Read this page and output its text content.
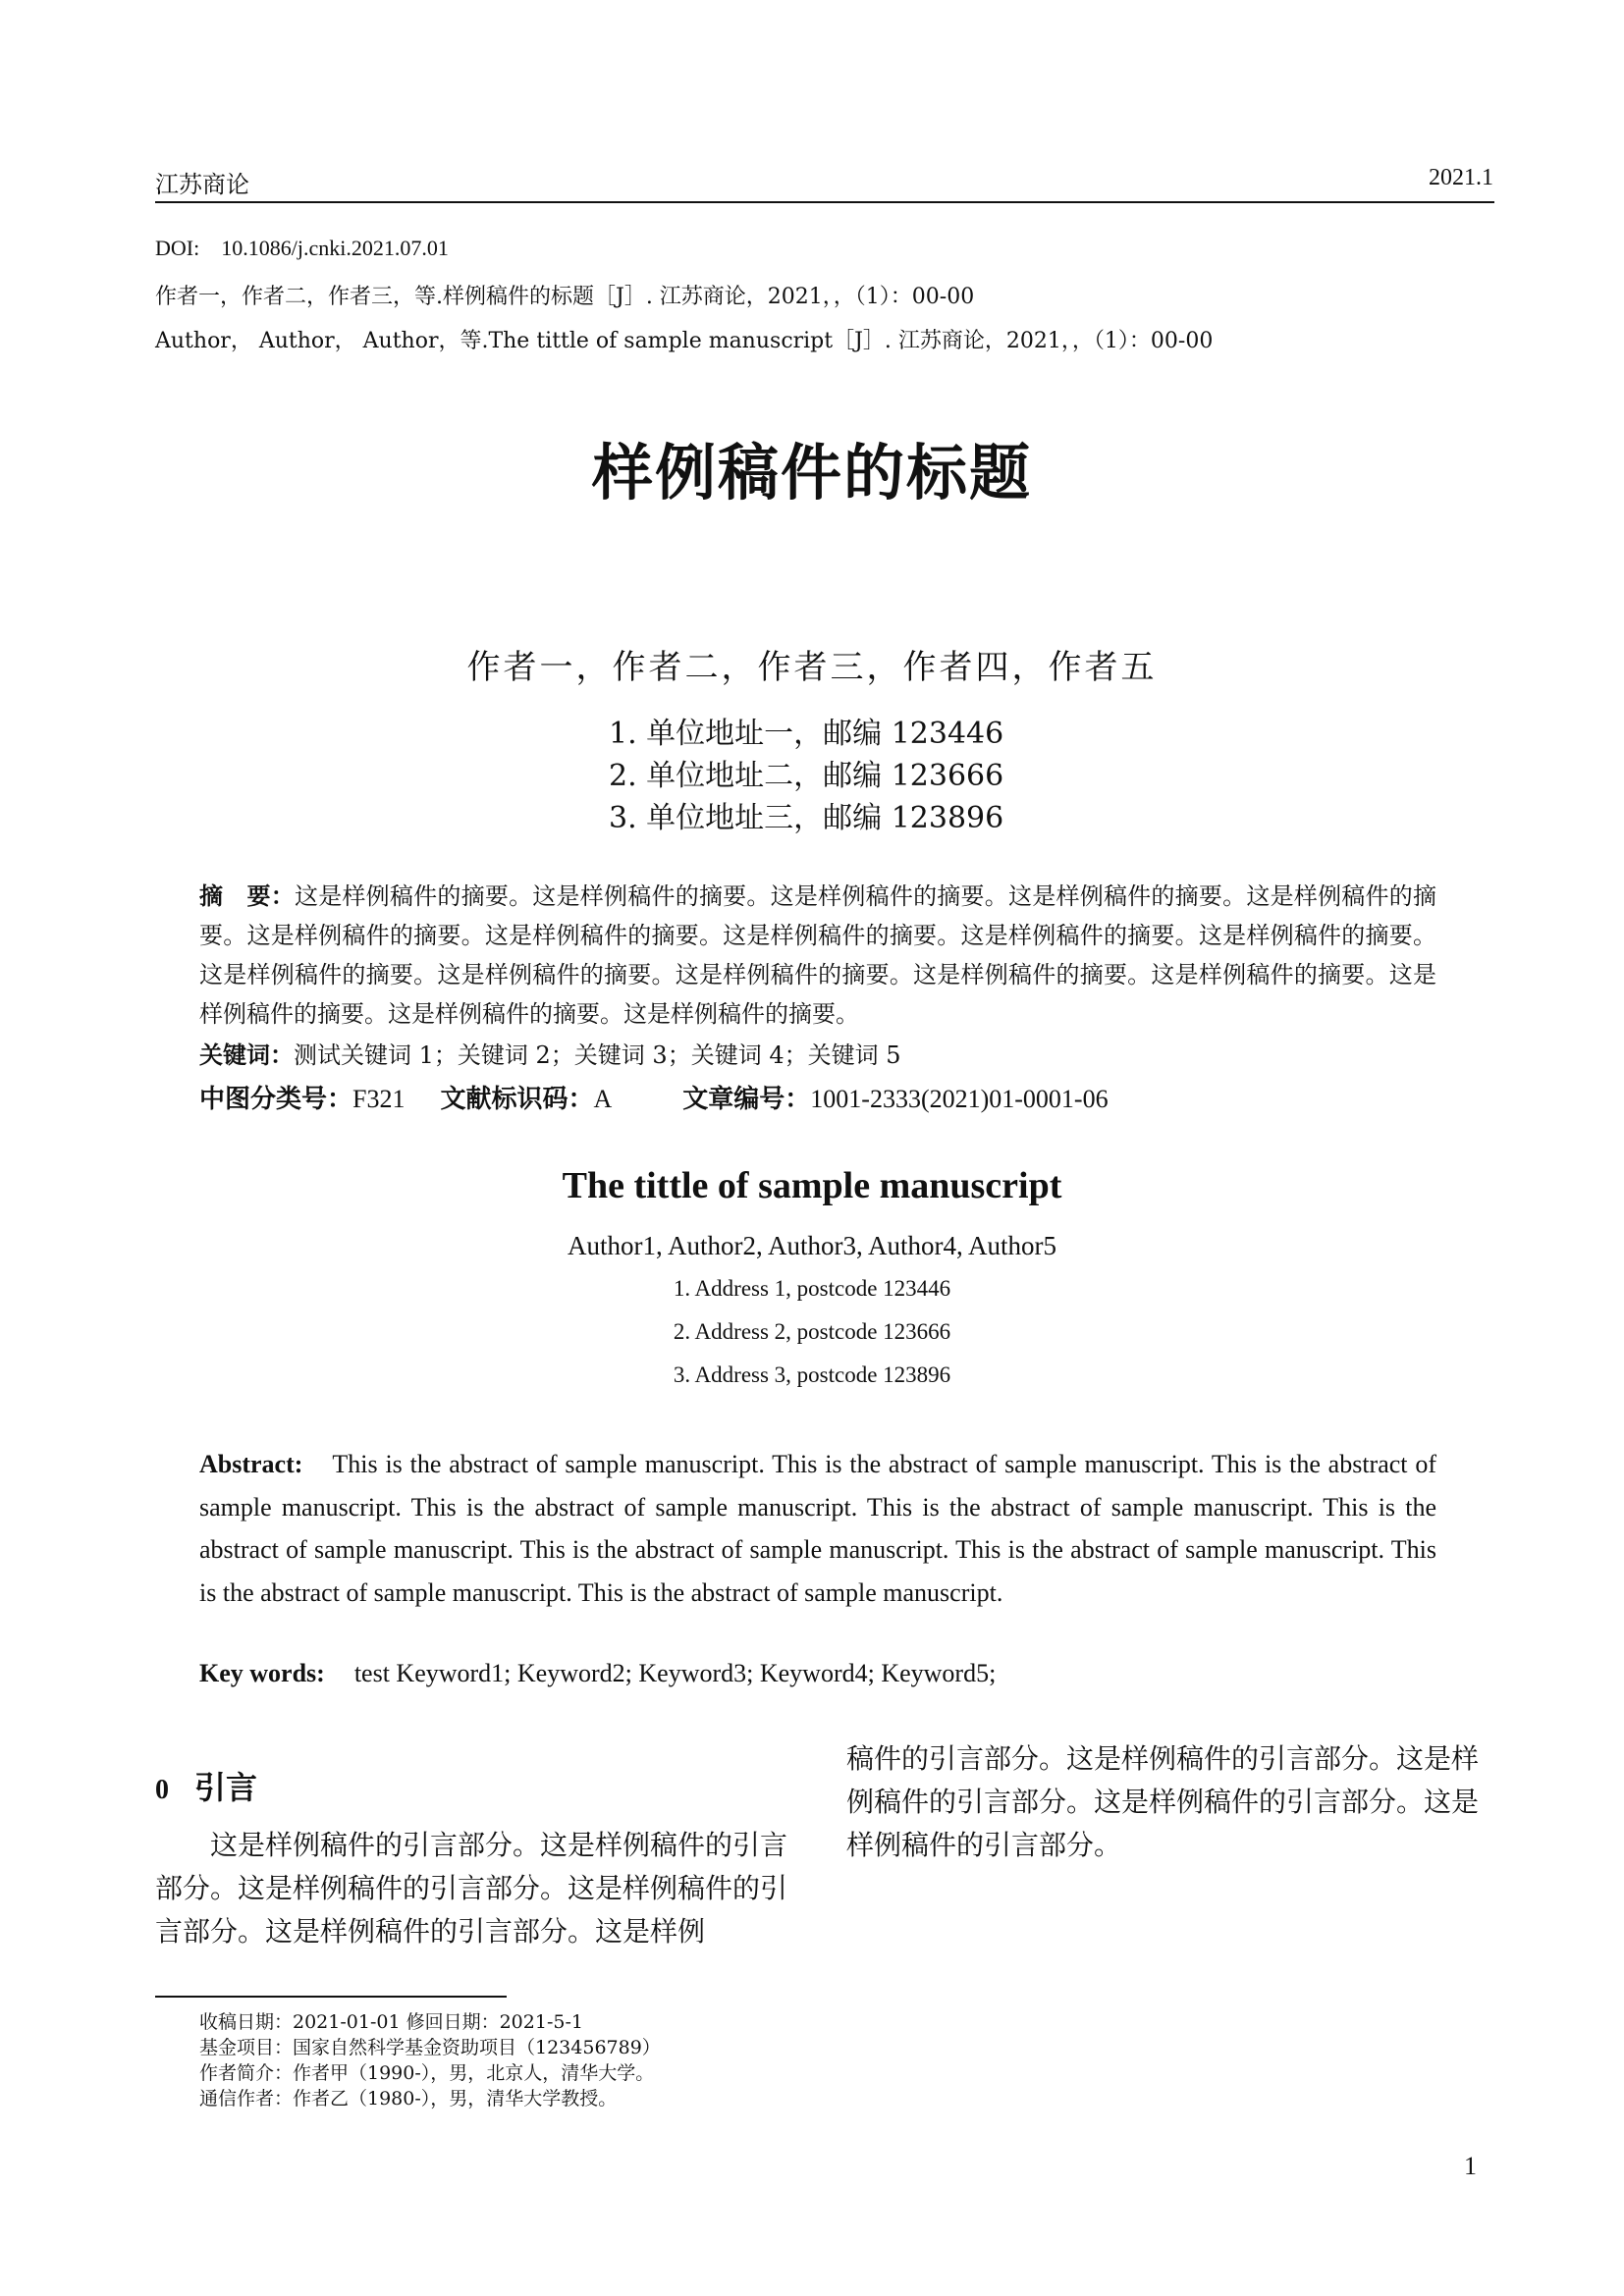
江苏商论	2021.1
DOI: 10.1086/j.cnki.2021.07.01
作者一，作者二，作者三，等.样例稿件的标题［J］. 江苏商论，2021，，（1）：00-00
Author， Author， Author，等.The tittle of sample manuscript［J］. 江苏商论，2021，，（1）：00-00
样例稿件的标题
作者一，作者二，作者三，作者四，作者五
1. 单位地址一，邮编 123446
2. 单位地址二，邮编 123666
3. 单位地址三，邮编 123896
摘　要：这是样例稿件的摘要。这是样例稿件的摘要。这是样例稿件的摘要。这是样例稿件的摘要。这是样例稿件的摘要。这是样例稿件的摘要。这是样例稿件的摘要。这是样例稿件的摘要。这是样例稿件的摘要。这是样例稿件的摘要。这是样例稿件的摘要。这是样例稿件的摘要。这是样例稿件的摘要。这是样例稿件的摘要。这是样例稿件的摘要。这是样例稿件的摘要。这是样例稿件的摘要。这是样例稿件的摘要。
关键词：测试关键词 1；关键词 2；关键词 3；关键词 4；关键词 5
中图分类号：F321 文献标识码：A	文章编号：1001-2333(2021)01-0001-06
The tittle of sample manuscript
Author1, Author2, Author3, Author4, Author5
1. Address 1, postcode 123446
2. Address 2, postcode 123666
3. Address 3, postcode 123896
Abstract: This is the abstract of sample manuscript. This is the abstract of sample manuscript. This is the abstract of sample manuscript. This is the abstract of sample manuscript. This is the abstract of sample manuscript. This is the abstract of sample manuscript. This is the abstract of sample manuscript. This is the abstract of sample manuscript. This is the abstract of sample manuscript. This is the abstract of sample manuscript.
Key words: test Keyword1; Keyword2; Keyword3; Keyword4; Keyword5;
0 引言
这是样例稿件的引言部分。这是样例稿件的引言部分。这是样例稿件的引言部分。这是样例稿件的引言部分。这是样例稿件的引言部分。这是样例
稿件的引言部分。这是样例稿件的引言部分。这是样例稿件的引言部分。这是样例稿件的引言部分。这是样例稿件的引言部分。
收稿日期：2021-01-01 修回日期：2021-5-1
基金项目：国家自然科学基金资助项目（123456789）
作者简介：作者甲（1990-），男，北京人，清华大学。
通信作者：作者乙（1980-），男，清华大学教授。
1
